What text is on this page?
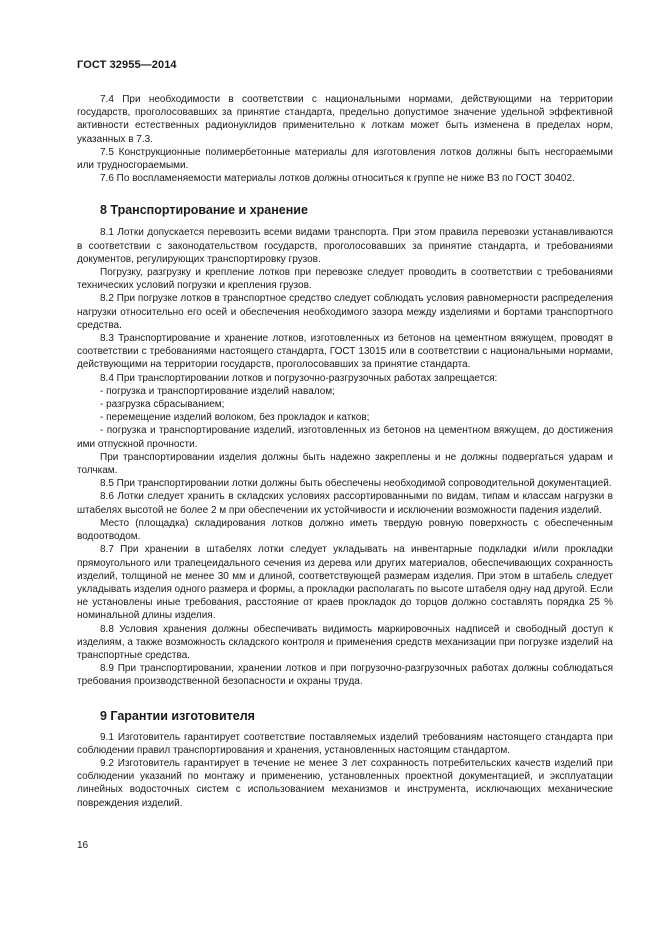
ГОСТ 32955—2014

7.4 При необходимости в соответствии с национальными нормами, действующими на территории государств, проголосовавших за принятие стандарта, предельно допустимое значение удельной эффективной активности естественных радионуклидов применительно к лоткам может быть изменена в пределах норм, указанных в 7.3.

7.5 Конструкционные полимербетонные материалы для изготовления лотков должны быть несгораемыми или трудносгораемыми.

7.6 По воспламеняемости материалы лотков должны относиться к группе не ниже В3 по ГОСТ 30402.

8 Транспортирование и хранение

8.1 Лотки допускается перевозить всеми видами транспорта. При этом правила перевозки устанавливаются в соответствии с законодательством государств, проголосовавших за принятие стандарта, и требованиями документов, регулирующих транспортировку грузов.

Погрузку, разгрузку и крепление лотков при перевозке следует проводить в соответствии с требованиями технических условий погрузки и крепления грузов.

8.2 При погрузке лотков в транспортное средство следует соблюдать условия равномерности распределения нагрузки относительно его осей и обеспечения необходимого зазора между изделиями и бортами транспортного средства.

8.3 Транспортирование и хранение лотков, изготовленных из бетонов на цементном вяжущем, проводят в соответствии с требованиями настоящего стандарта, ГОСТ 13015 или в соответствии с национальными нормами, действующими на территории государств, проголосовавших за принятие стандарта.

8.4 При транспортировании лотков и погрузочно-разгрузочных работах запрещается:

- погрузка и транспортирование изделий навалом;

- разгрузка сбрасыванием;

- перемещение изделий волоком, без прокладок и катков;

- погрузка и транспортирование изделий, изготовленных из бетонов на цементном вяжущем, до достижения ими отпускной прочности.

При транспортировании изделия должны быть надежно закреплены и не должны подвергаться ударам и толчкам.

8.5 При транспортировании лотки должны быть обеспечены необходимой сопроводительной документацией.

8.6 Лотки следует хранить в складских условиях рассортированными по видам, типам и классам нагрузки в штабелях высотой не более 2 м при обеспечении их устойчивости и исключении возможности падения изделий.

Место (площадка) складирования лотков должно иметь твердую ровную поверхность с обеспеченным водоотводом.

8.7 При хранении в штабелях лотки следует укладывать на инвентарные подкладки и/или прокладки прямоугольного или трапецеидального сечения из дерева или других материалов, обеспечивающих сохранность изделий, толщиной не менее 30 мм и длиной, соответствующей размерам изделия. При этом в штабель следует укладывать изделия одного размера и формы, а прокладки располагать по высоте штабеля одну над другой. Если не установлены иные требования, расстояние от краев прокладок до торцов должно составлять порядка 25 % номинальной длины изделия.

8.8 Условия хранения должны обеспечивать видимость маркировочных надписей и свободный доступ к изделиям, а также возможность складского контроля и применения средств механизации при погрузке изделий на транспортные средства.

8.9 При транспортировании, хранении лотков и при погрузочно-разгрузочных работах должны соблюдаться требования производственной безопасности и охраны труда.

9 Гарантии изготовителя

9.1 Изготовитель гарантирует соответствие поставляемых изделий требованиям настоящего стандарта при соблюдении правил транспортирования и хранения, установленных настоящим стандартом.

9.2 Изготовитель гарантирует в течение не менее 3 лет сохранность потребительских качеств изделий при соблюдении указаний по монтажу и применению, установленных проектной документацией, и эксплуатации линейных водосточных систем с использованием механизмов и инструмента, исключающих механические повреждения изделий.

16
